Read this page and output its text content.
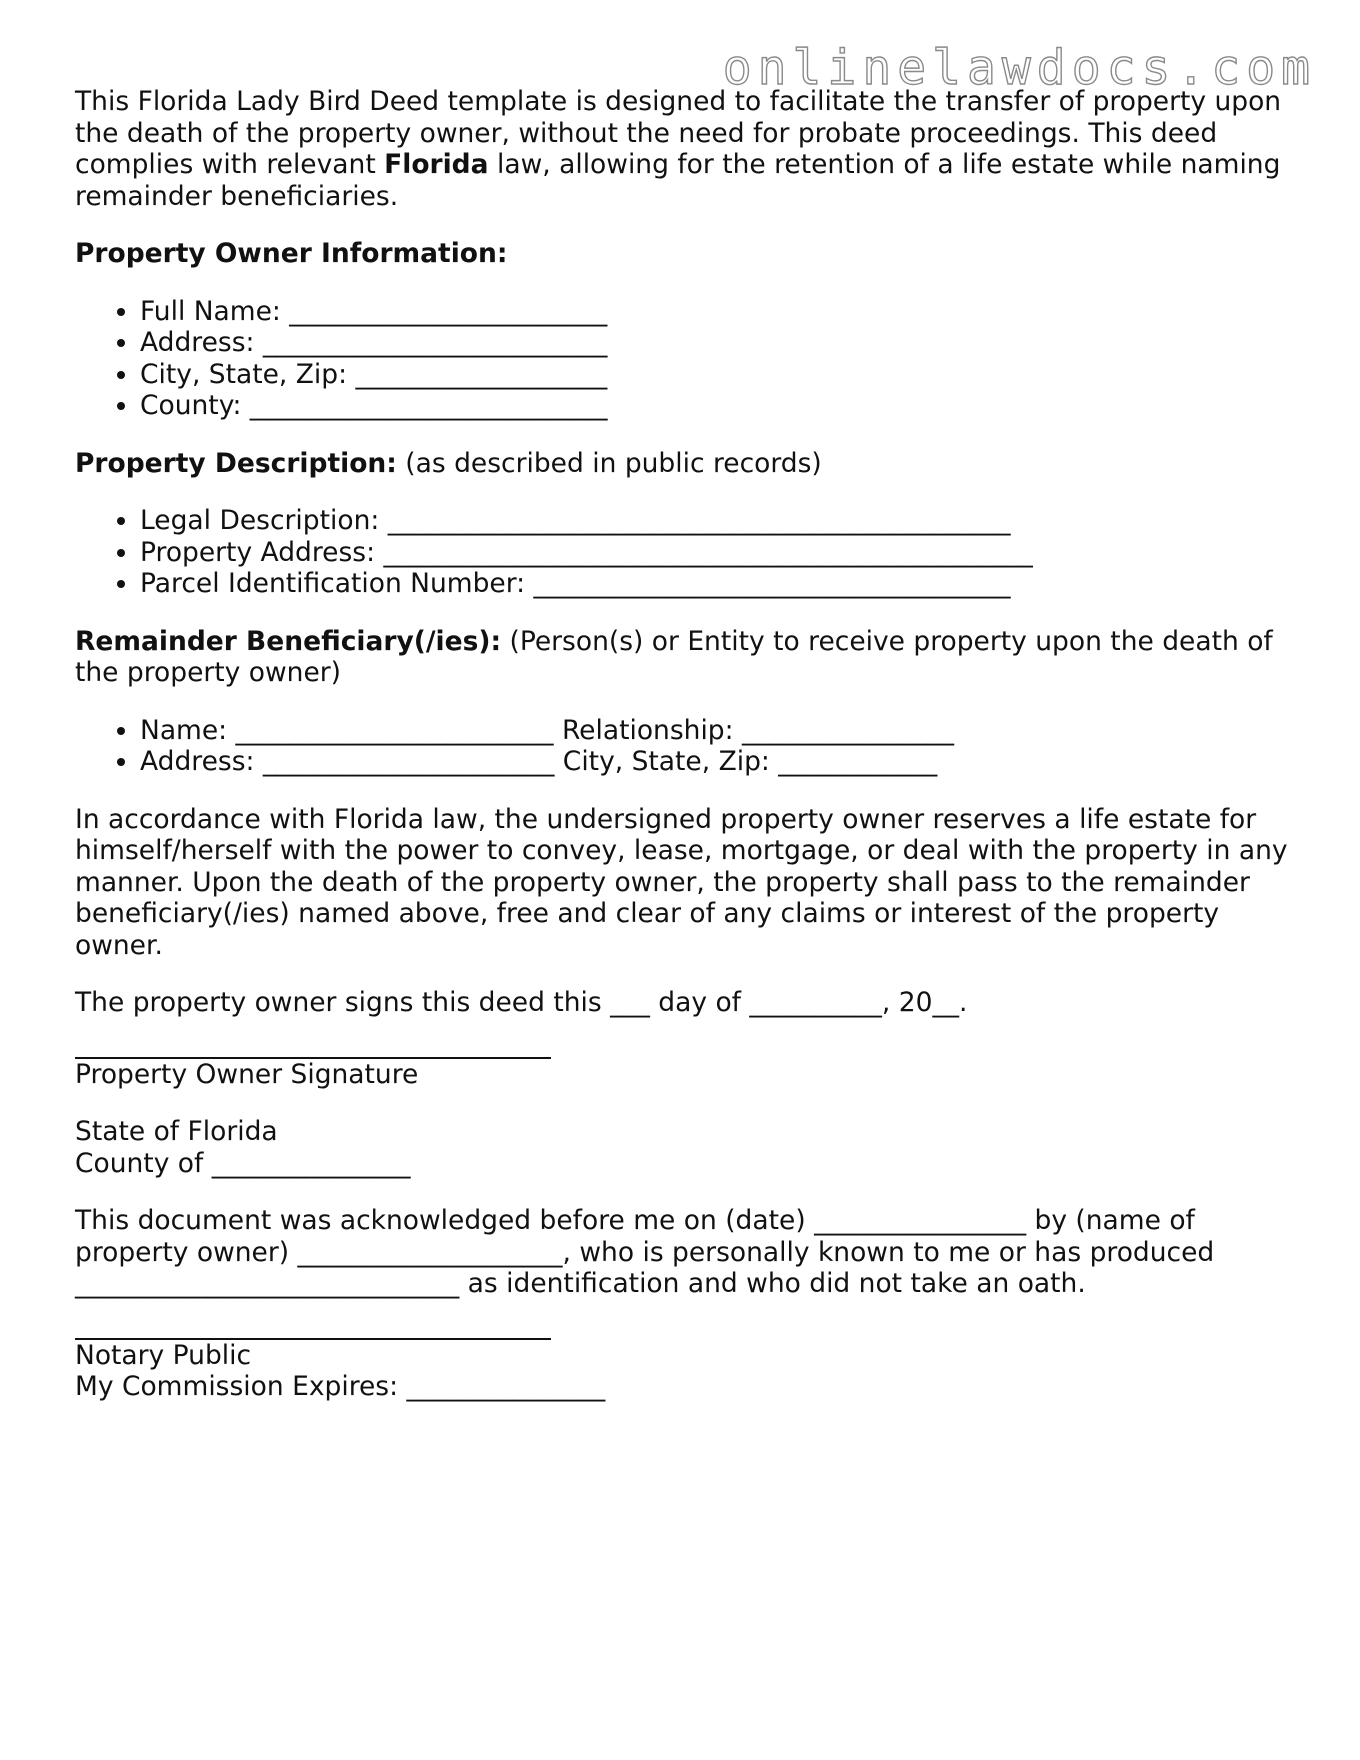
onlinelawdocs.com

This Florida Lady Bird Deed template is designed to facilitate the transfer of property upon the death of the property owner, without the need for probate proceedings. This deed complies with relevant Florida law, allowing for the retention of a life estate while naming remainder beneficiaries.

Property Owner Information:

• Full Name: ________________________
• Address: __________________________
• City, State, Zip: ___________________
• County: ___________________________

Property Description: (as described in public records)

• Legal Description: _______________________________________________
• Property Address: _________________________________________________
• Parcel Identification Number: ____________________________________

Remainder Beneficiary(/ies): (Person(s) or Entity to receive property upon the death of the property owner)

• Name: ________________________ Relationship: ________________
• Address: ______________________ City, State, Zip: ____________

In accordance with Florida law, the undersigned property owner reserves a life estate for himself/herself with the power to convey, lease, mortgage, or deal with the property in any manner. Upon the death of the property owner, the property shall pass to the remainder beneficiary(/ies) named above, free and clear of any claims or interest of the property owner.

The property owner signs this deed this ___ day of __________, 20__.

Property Owner Signature
State of Florida
County of _______________

This document was acknowledged before me on (date) ________________ by (name of property owner) ____________________, who is personally known to me or has produced _____________________________ as identification and who did not take an oath.

Notary Public
My Commission Expires: _______________
